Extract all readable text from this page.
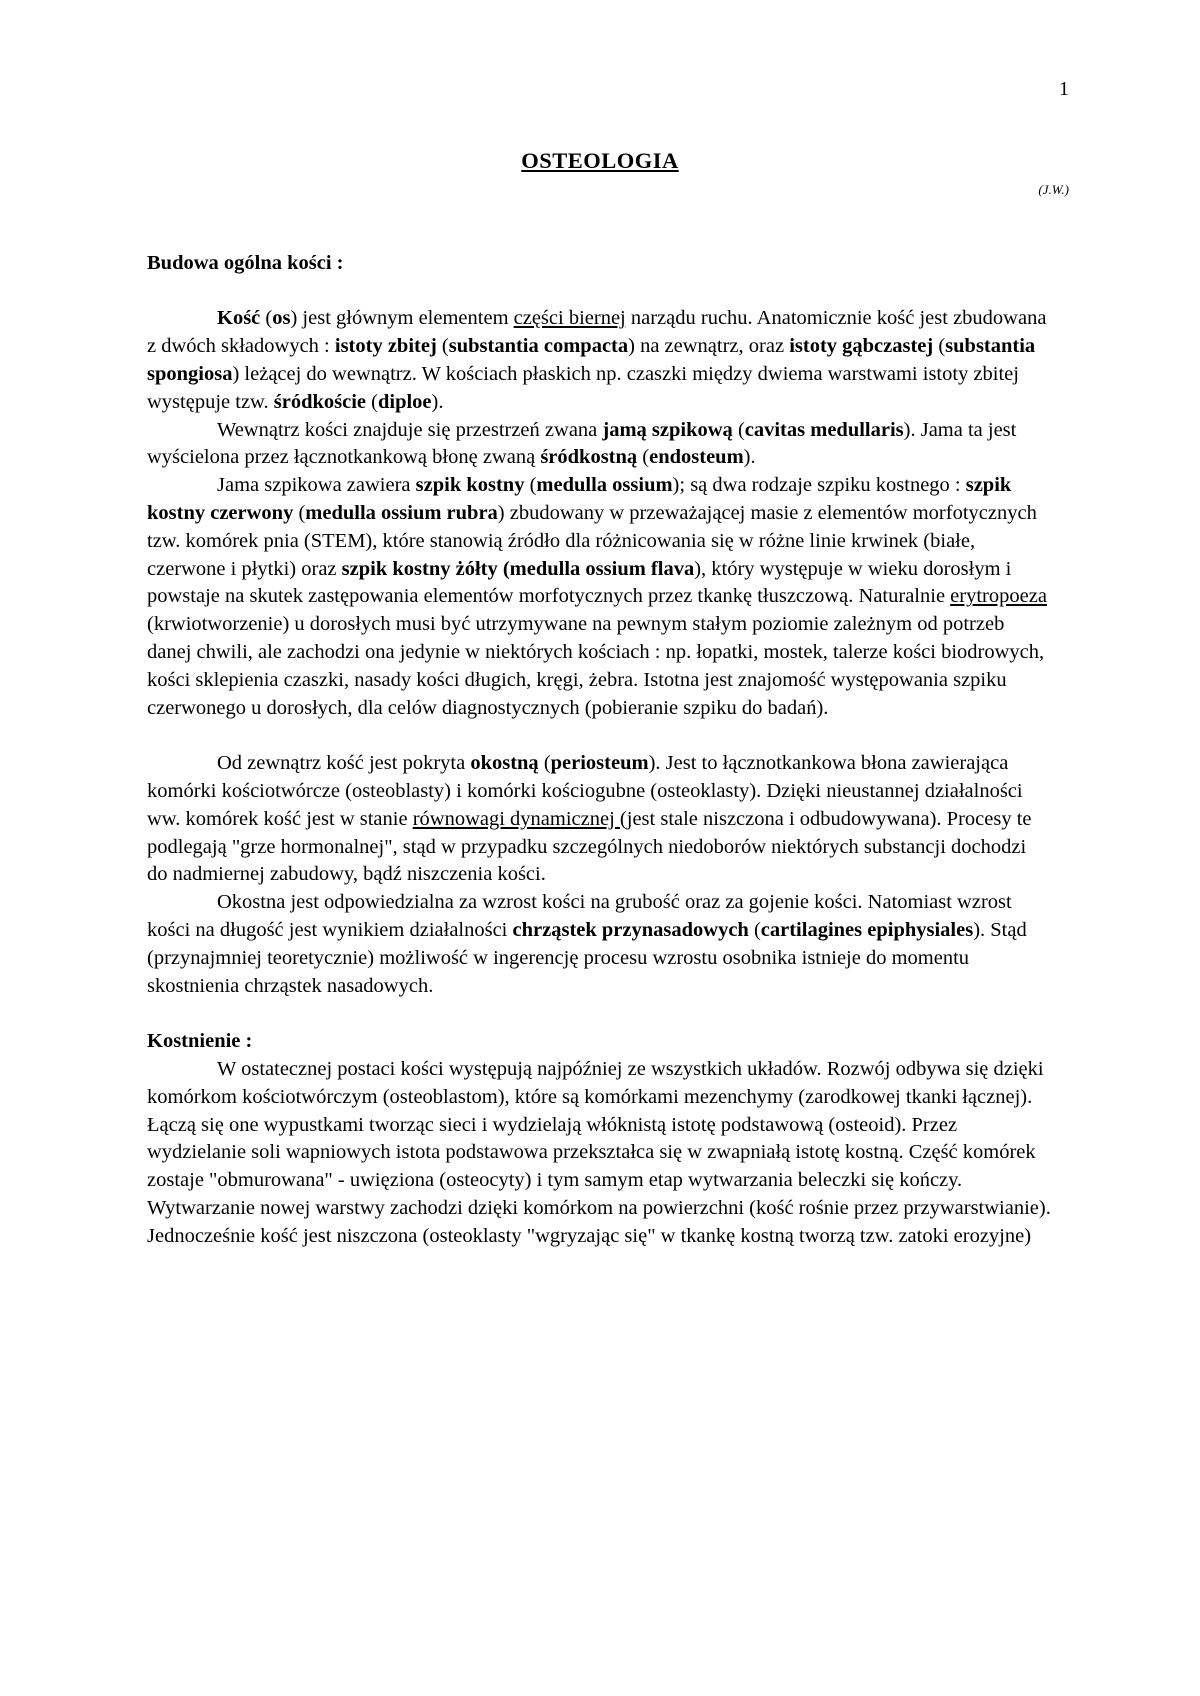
1
OSTEOLOGIA
(J.W.)

Budowa ogólna kości :

Kość (os) jest głównym elementem części biernej narządu ruchu. Anatomicznie kość jest zbudowana z dwóch składowych : istoty zbitej (substantia compacta) na zewnątrz, oraz istoty gąbczastej (substantia spongiosa) leżącej do wewnątrz. W kościach płaskich np. czaszki między dwiema warstwami istoty zbitej występuje tzw. śródkoście (diploe).

Wewnątrz kości znajduje się przestrzeń zwana jamą szpikową (cavitas medullaris). Jama ta jest wyścielona przez łącznotkankową błonę zwaną śródkostną (endosteum).

Jama szpikowa zawiera szpik kostny (medulla ossium); są dwa rodzaje szpiku kostnego : szpik kostny czerwony (medulla ossium rubra) zbudowany w przeważającej masie z elementów morfotycznych tzw. komórek pnia (STEM), które stanowią źródło dla różnicowania się w różne linie krwinek (białe, czerwone i płytki) oraz szpik kostny żółty (medulla ossium flava), który występuje w wieku dorosłym i powstaje na skutek zastępowania elementów morfotycznych przez tkankę tłuszczową. Naturalnie erytropoeza (krwiotworzenie) u dorosłych musi być utrzymywane na pewnym stałym poziomie zależnym od potrzeb danej chwili, ale zachodzi ona jedynie w niektórych kościach : np. łopatki, mostek, talerze kości biodrowych, kości sklepienia czaszki, nasady kości długich, kręgi, żebra. Istotna jest znajomość występowania szpiku czerwonego u dorosłych, dla celów diagnostycznych (pobieranie szpiku do badań).

Od zewnątrz kość jest pokryta okostną (periosteum). Jest to łącznotkankowa błona zawierająca komórki kościotwórcze (osteoblasty) i komórki kościogubne (osteoklasty). Dzięki nieustannej działalności ww. komórek kość jest w stanie równowagi dynamicznej (jest stale niszczona i odbudowywana). Procesy te podlegają "grze hormonalnej", stąd w przypadku szczególnych niedoborów niektórych substancji dochodzi do nadmiernej zabudowy, bądź niszczenia kości.

Okostna jest odpowiedzialna za wzrost kości na grubość oraz za gojenie kości. Natomiast wzrost kości na długość jest wynikiem działalności chrząstek przynasadowych (cartilagines epiphysiales). Stąd (przynajmniej teoretycznie) możliwość w ingerencję procesu wzrostu osobnika istnieje do momentu skostnienia chrząstek nasadowych.

Kostnienie :

W ostatecznej postaci kości występują najpóźniej ze wszystkich układów. Rozwój odbywa się dzięki komórkom kościotwórczym (osteoblastom), które są komórkami mezenchymy (zarodkowej tkanki łącznej). Łączą się one wypustkami tworząc sieci i wydzielają włóknistą istotę podstawową (osteoid). Przez wydzielanie soli wapniowych istota podstawowa przekształca się w zwapniałą istotę kostną. Część komórek zostaje "obmurowana" - uwięziona (osteocyty) i tym samym etap wytwarzania beleczki się kończy. Wytwarzanie nowej warstwy zachodzi dzięki komórkom na powierzchni (kość rośnie przez przywarstwianie). Jednocześnie kość jest niszczona (osteoklasty "wgryzając się" w tkankę kostną tworzą tzw. zatoki erozyjne)
